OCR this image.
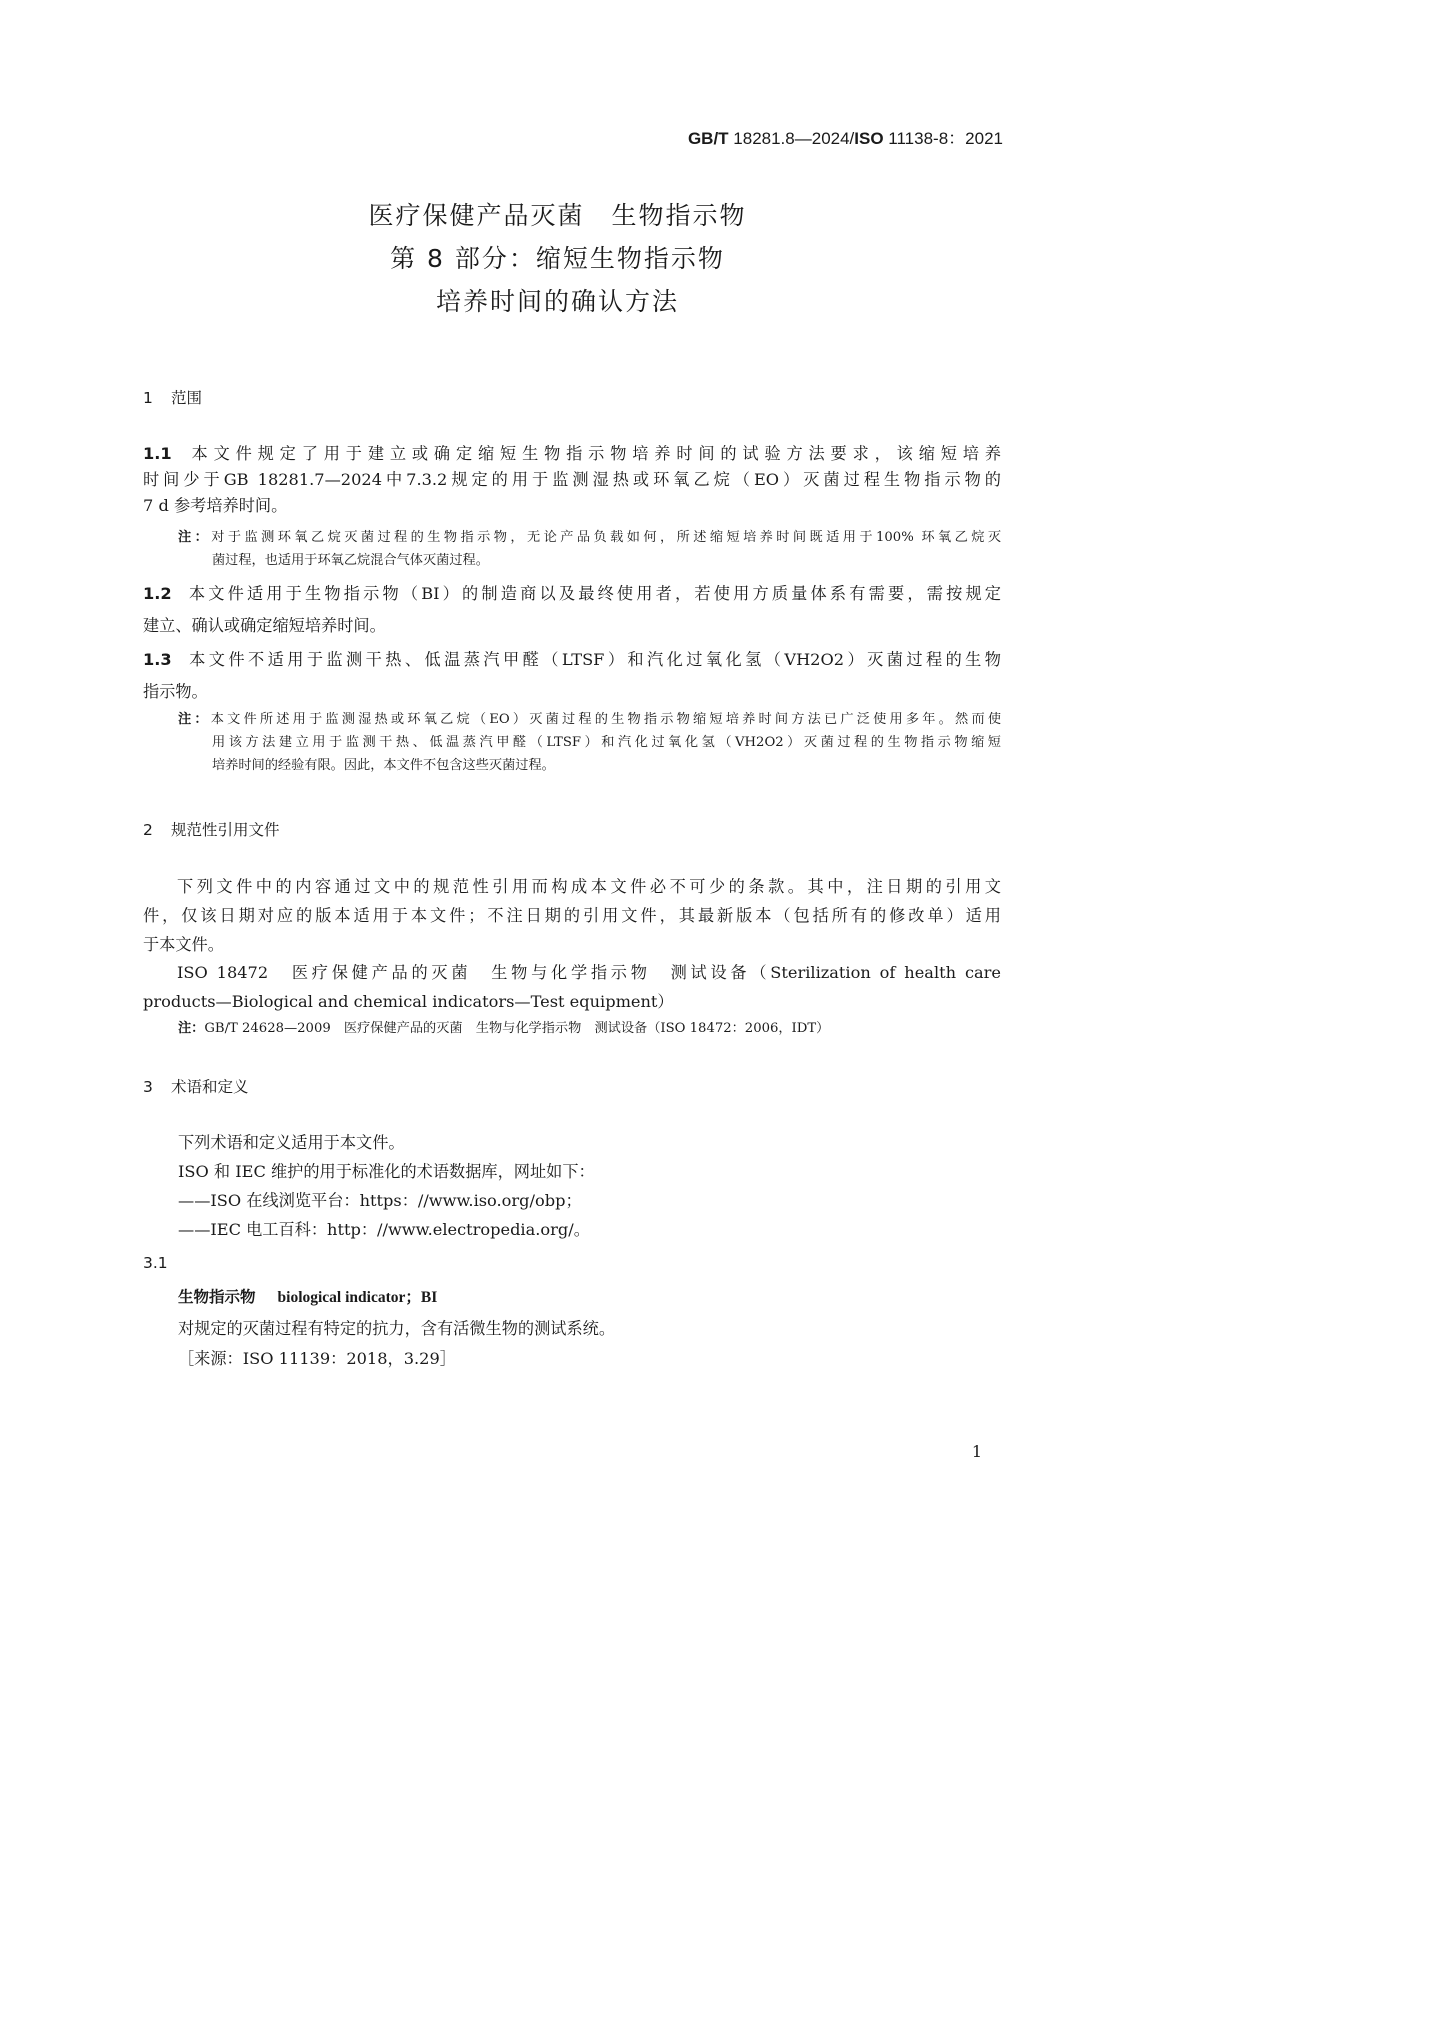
GB/T 18281.8—2024/ISO 11138-8：2021
医疗保健产品灭菌　生物指示物
第 8 部分：缩短生物指示物
培养时间的确认方法
1 范围
1.1 本文件规定了用于建立或确定缩短生物指示物培养时间的试验方法要求，该缩短培养
时间少于GB 18281.7—2024中7.3.2规定的用于监测湿热或环氧乙烷（EO）灭菌过程生物指示物的
7 d 参考培养时间。
注：对于监测环氧乙烷灭菌过程的生物指示物，无论产品负载如何，所述缩短培养时间既适用于100% 环氧乙烷灭
菌过程，也适用于环氧乙烷混合气体灭菌过程。
1.2 本文件适用于生物指示物（BI）的制造商以及最终使用者，若使用方质量体系有需要，需按规定
建立、确认或确定缩短培养时间。
1.3 本文件不适用于监测干热、低温蒸汽甲醛（LTSF）和汽化过氧化氢（VH2O2）灭菌过程的生物
指示物。
注：本文件所述用于监测湿热或环氧乙烷（EO）灭菌过程的生物指示物缩短培养时间方法已广泛使用多年。然而使
用该方法建立用于监测干热、低温蒸汽甲醛（LTSF）和汽化过氧化氢（VH2O2）灭菌过程的生物指示物缩短
培养时间的经验有限。因此，本文件不包含这些灭菌过程。
2 规范性引用文件
下列文件中的内容通过文中的规范性引用而构成本文件必不可少的条款。其中，注日期的引用文
件，仅该日期对应的版本适用于本文件；不注日期的引用文件，其最新版本（包括所有的修改单）适用
于本文件。
ISO 18472　医疗保健产品的灭菌　生物与化学指示物　测试设备（Sterilization of health care
products—Biological and chemical indicators—Test equipment）
注：GB/T 24628—2009　医疗保健产品的灭菌　生物与化学指示物　测试设备（ISO 18472：2006，IDT）
3 术语和定义
下列术语和定义适用于本文件。
ISO 和 IEC 维护的用于标准化的术语数据库，网址如下：
——ISO 在线浏览平台：https：//www.iso.org/obp；
——IEC 电工百科：http：//www.electropedia.org/。
3.1
生物指示物 biological indicator；BI
对规定的灭菌过程有特定的抗力，含有活微生物的测试系统。
［来源：ISO 11139：2018，3.29］
1
